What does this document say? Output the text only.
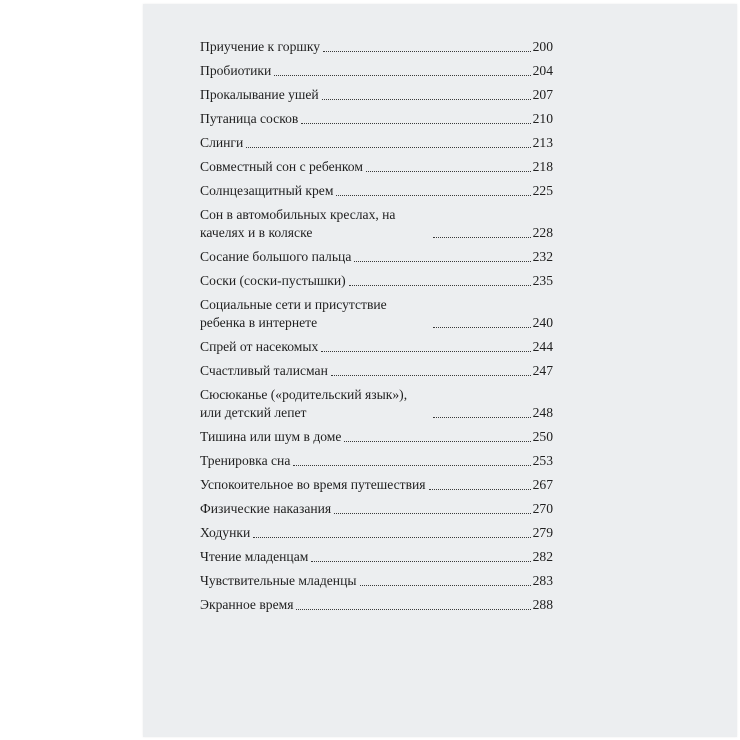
Приучение к горшку	200
Пробиотики	204
Прокалывание ушей	207
Путаница сосков	210
Слинги	213
Совместный сон с ребенком	218
Солнцезащитный крем	225
Сон в автомобильных креслах, на качелях и в коляске	228
Сосание большого пальца	232
Соски (соски-пустышки)	235
Социальные сети и присутствие ребенка в интернете	240
Спрей от насекомых	244
Счастливый талисман	247
Сюсюканье («родительский язык»), или детский лепет	248
Тишина или шум в доме	250
Тренировка сна	253
Успокоительное во время путешествия	267
Физические наказания	270
Ходунки	279
Чтение младенцам	282
Чувствительные младенцы	283
Экранное время	288
